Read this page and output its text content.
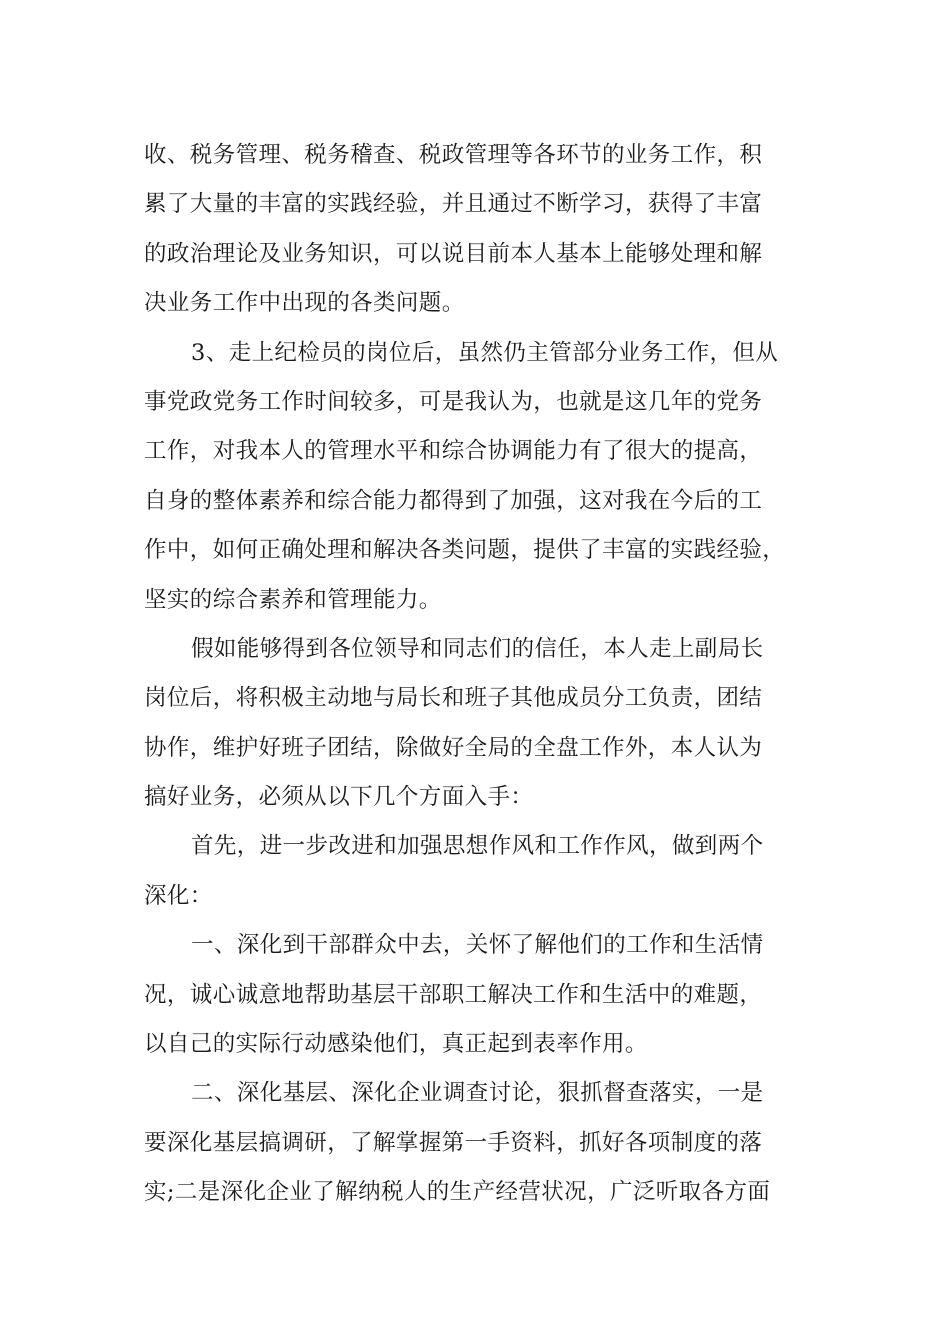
收、税务管理、税务稽查、税政管理等各环节的业务工作，积
累了大量的丰富的实践经验，并且通过不断学习，获得了丰富
的政治理论及业务知识，可以说目前本人基本上能够处理和解
决业务工作中出现的各类问题。
3、走上纪检员的岗位后，虽然仍主管部分业务工作，但从
事党政党务工作时间较多，可是我认为，也就是这几年的党务
工作，对我本人的管理水平和综合协调能力有了很大的提高，
自身的整体素养和综合能力都得到了加强，这对我在今后的工
作中，如何正确处理和解决各类问题，提供了丰富的实践经验，
坚实的综合素养和管理能力。
假如能够得到各位领导和同志们的信任，本人走上副局长
岗位后，将积极主动地与局长和班子其他成员分工负责，团结
协作，维护好班子团结，除做好全局的全盘工作外，本人认为
搞好业务，必须从以下几个方面入手：
首先，进一步改进和加强思想作风和工作作风，做到两个
深化：
一、深化到干部群众中去，关怀了解他们的工作和生活情
况，诚心诚意地帮助基层干部职工解决工作和生活中的难题，
以自己的实际行动感染他们，真正起到表率作用。
二、深化基层、深化企业调查讨论，狠抓督查落实，一是
要深化基层搞调研，了解掌握第一手资料，抓好各项制度的落
实;二是深化企业了解纳税人的生产经营状况，广泛听取各方面
